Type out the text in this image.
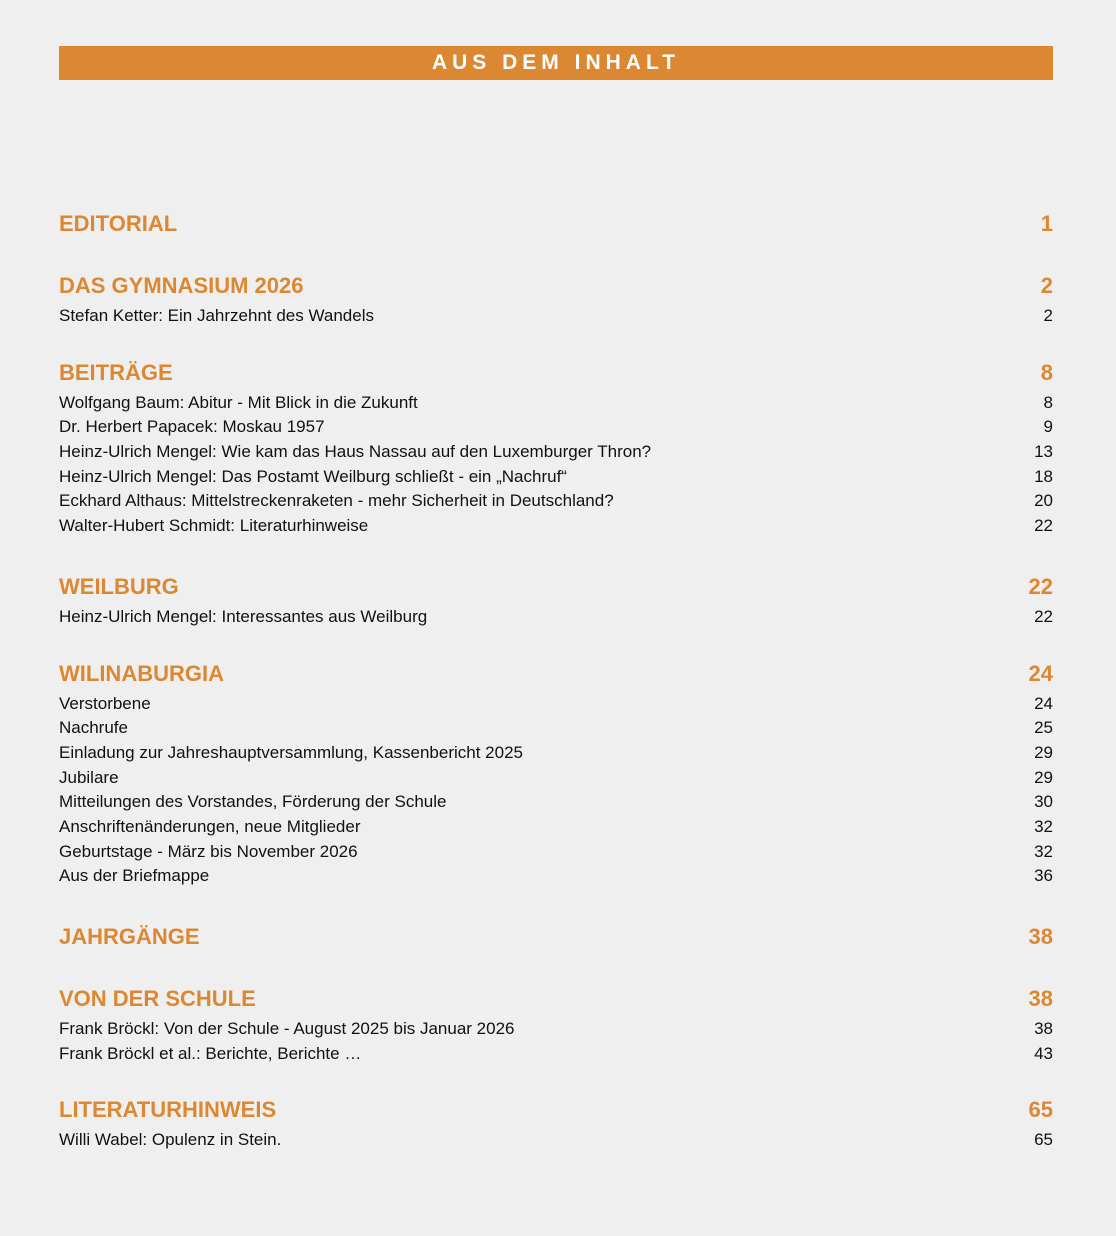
AUS DEM INHALT
EDITORIAL	1
DAS GYMNASIUM 2026	2
Stefan Ketter: Ein Jahrzehnt des Wandels	2
BEITRÄGE	8
Wolfgang Baum: Abitur - Mit Blick in die Zukunft	8
Dr. Herbert Papacek: Moskau 1957	9
Heinz-Ulrich Mengel: Wie kam das Haus Nassau auf den Luxemburger Thron?	13
Heinz-Ulrich Mengel: Das Postamt Weilburg schließt - ein „Nachruf“	18
Eckhard Althaus: Mittelstreckenraketen - mehr Sicherheit in Deutschland?	20
Walter-Hubert Schmidt: Literaturhinweise	22
WEILBURG	22
Heinz-Ulrich Mengel: Interessantes aus Weilburg	22
WILINABURGIA	24
Verstorbene	24
Nachrufe	25
Einladung zur Jahreshauptversammlung, Kassenbericht 2025	29
Jubilare	29
Mitteilungen des Vorstandes, Förderung der Schule	30
Anschriftenänderungen, neue Mitglieder	32
Geburtstage - März bis November 2026	32
Aus der Briefmappe	36
JAHRGÄNGE	38
VON DER SCHULE	38
Frank Bröckl: Von der Schule - August 2025 bis Januar 2026	38
Frank Bröckl et al.: Berichte, Berichte …	43
LITERATURHINWEIS	65
Willi Wabel: Opulenz in Stein.	65
